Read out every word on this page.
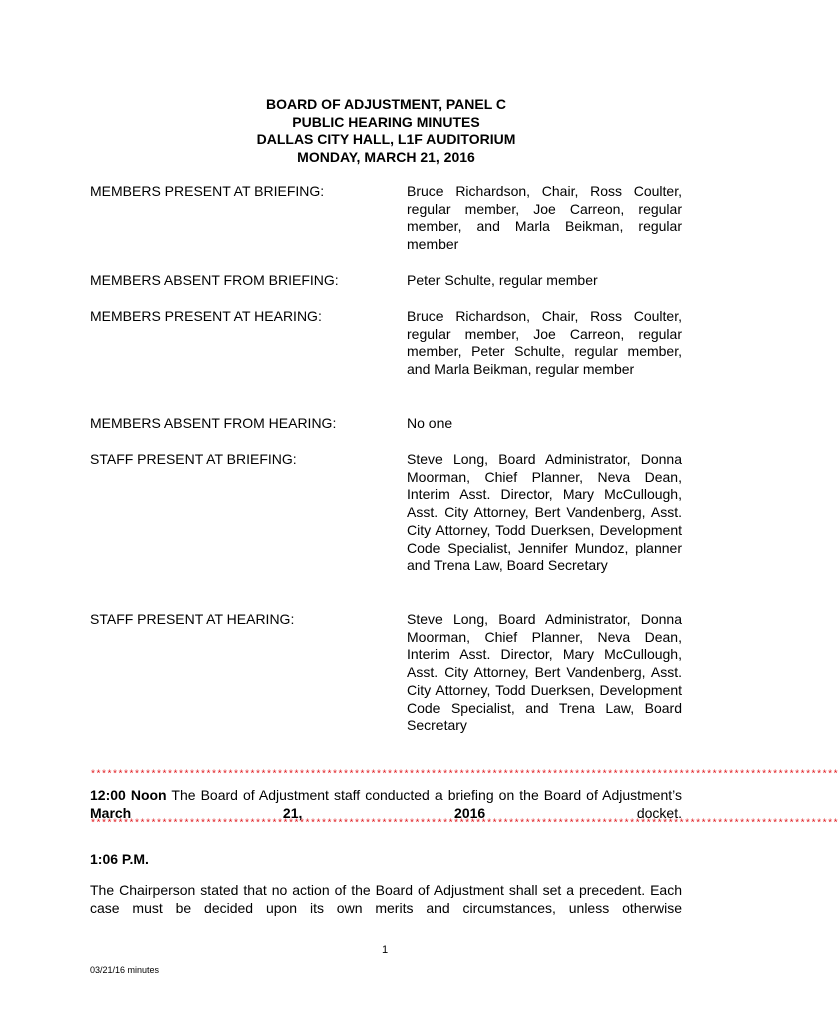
BOARD OF ADJUSTMENT, PANEL C
PUBLIC HEARING MINUTES
DALLAS CITY HALL, L1F AUDITORIUM
MONDAY, MARCH 21, 2016
MEMBERS PRESENT AT BRIEFING:	Bruce Richardson, Chair, Ross Coulter, regular member, Joe Carreon, regular member, and Marla Beikman, regular member
MEMBERS ABSENT FROM BRIEFING:	Peter Schulte, regular member
MEMBERS PRESENT AT HEARING:	Bruce Richardson, Chair, Ross Coulter, regular member, Joe Carreon, regular member, Peter Schulte, regular member, and Marla Beikman, regular member
MEMBERS ABSENT FROM HEARING:	No one
STAFF PRESENT AT BRIEFING:	Steve Long, Board Administrator, Donna Moorman, Chief Planner, Neva Dean, Interim Asst. Director, Mary McCullough, Asst. City Attorney, Bert Vandenberg, Asst. City Attorney, Todd Duerksen, Development Code Specialist, Jennifer Mundoz, planner and Trena Law, Board Secretary
STAFF PRESENT AT HEARING:	Steve Long, Board Administrator, Donna Moorman, Chief Planner, Neva Dean, Interim Asst. Director, Mary McCullough, Asst. City Attorney, Bert Vandenberg, Asst. City Attorney, Todd Duerksen, Development Code Specialist, and Trena Law, Board Secretary
****************************************************************************************************************************************
12:00 Noon The Board of Adjustment staff conducted a briefing on the Board of Adjustment’s March 21, 2016 docket.
****************************************************************************************************************************************
1:06 P.M.
The Chairperson stated that no action of the Board of Adjustment shall set a precedent. Each case must be decided upon its own merits and circumstances, unless otherwise
1
03/21/16 minutes
